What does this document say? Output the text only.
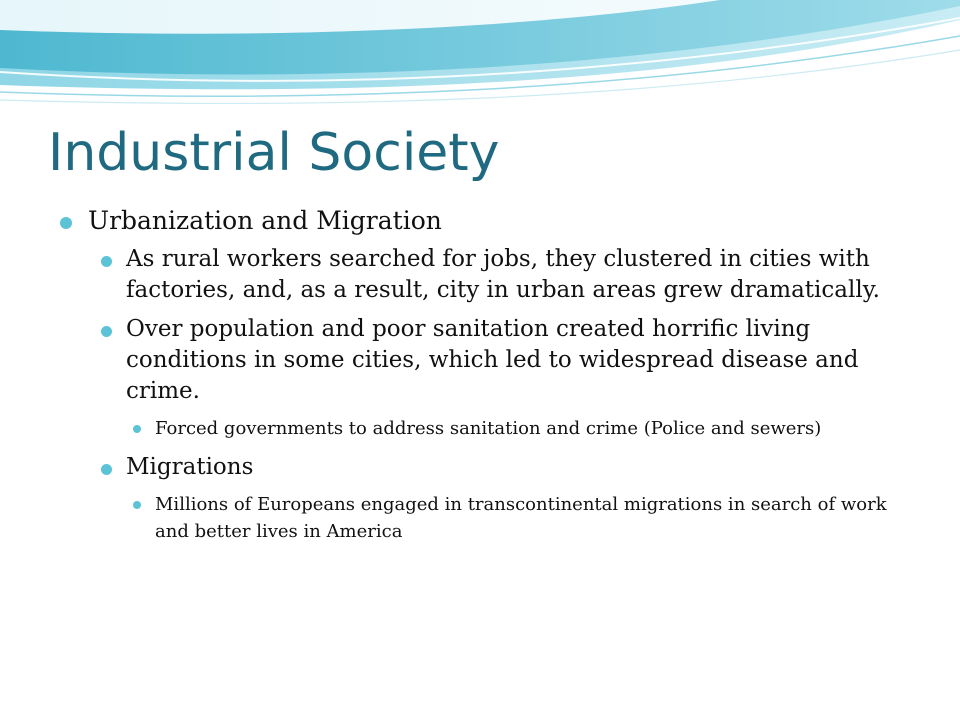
Industrial Society
Urbanization and Migration
As rural workers searched for jobs, they clustered in cities with factories, and, as a result, city in urban areas grew dramatically.
Over population and poor sanitation created horrific living conditions in some cities, which led to widespread disease and crime.
Forced governments to address sanitation and crime (Police and sewers)
Migrations
Millions of Europeans engaged in transcontinental migrations in search of work and better lives in America
